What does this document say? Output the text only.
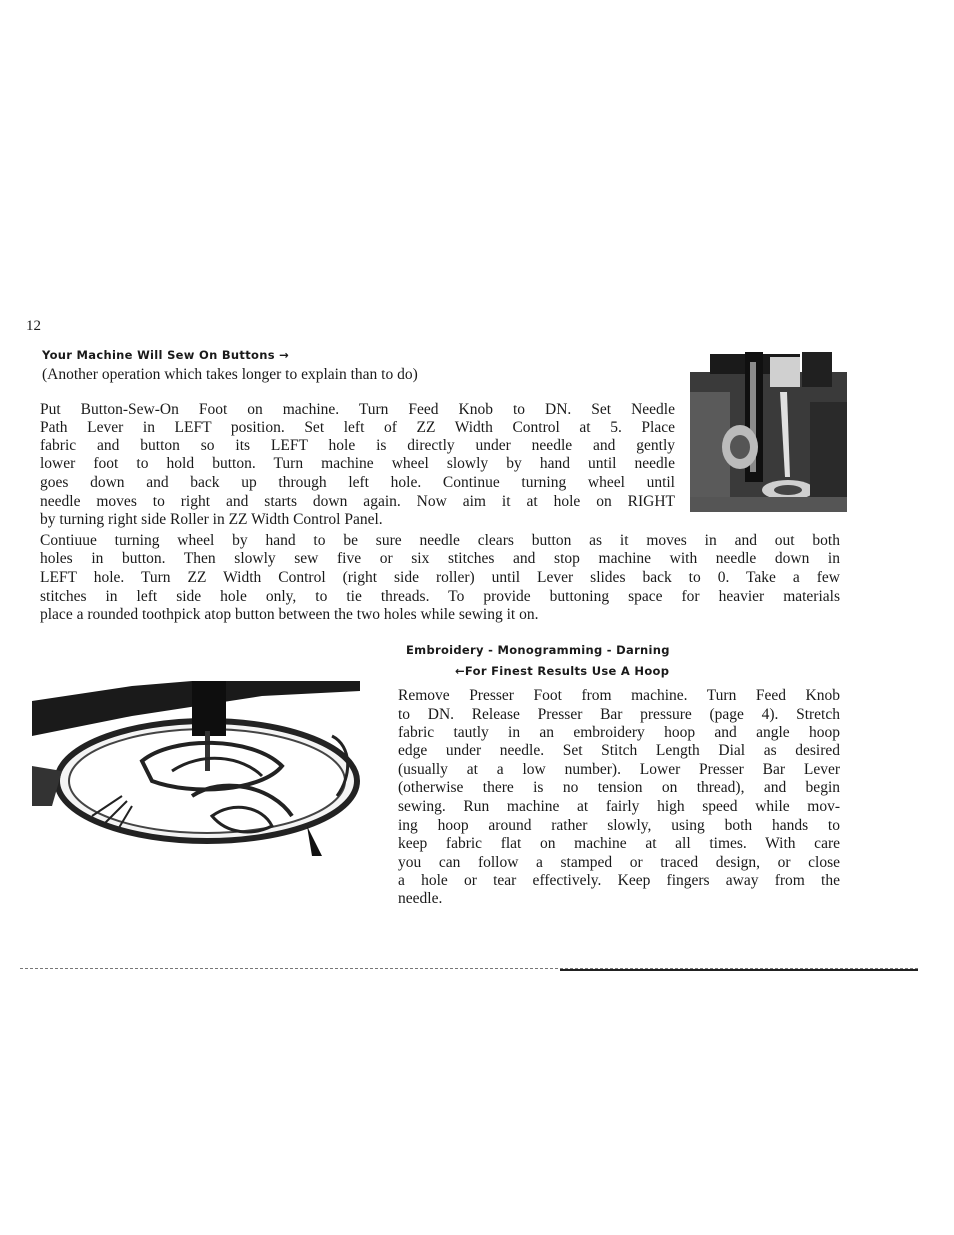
12
Your Machine Will Sew On Buttons →
(Another operation which takes longer to explain than to do)
Put Button-Sew-On Foot on machine. Turn Feed Knob to DN. Set Needle
Path Lever in LEFT position. Set left of ZZ Width Control at 5. Place
fabric and button so its LEFT hole is directly under needle and gently
lower foot to hold button. Turn machine wheel slowly by hand until needle
goes down and back up through left hole. Continue turning wheel until
needle moves to right and starts down again. Now aim it at hole on RIGHT
by turning right side Roller in ZZ Width Control Panel.
Contiuue turning wheel by hand to be sure needle clears button as it moves in and out both
holes in button. Then slowly sew five or six stitches and stop machine with needle down in
LEFT hole. Turn ZZ Width Control (right side roller) until Lever slides back to 0. Take a few
stitches in left side hole only, to tie threads. To provide buttoning space for heavier materials
place a rounded toothpick atop button between the two holes while sewing it on.
Embroidery - Monogramming - Darning
←For Finest Results Use A Hoop
Remove Presser Foot from machine. Turn Feed Knob
to DN. Release Presser Bar pressure (page 4). Stretch
fabric tautly in an embroidery hoop and angle hoop
edge under needle. Set Stitch Length Dial as desired
(usually at a low number). Lower Presser Bar Lever
(otherwise there is no tension on thread), and begin
sewing. Run machine at fairly high speed while mov-
ing hoop around rather slowly, using both hands to
keep fabric flat on machine at all times. With care
you can follow a stamped or traced design, or close
a hole or tear effectively. Keep fingers away from the
needle.
